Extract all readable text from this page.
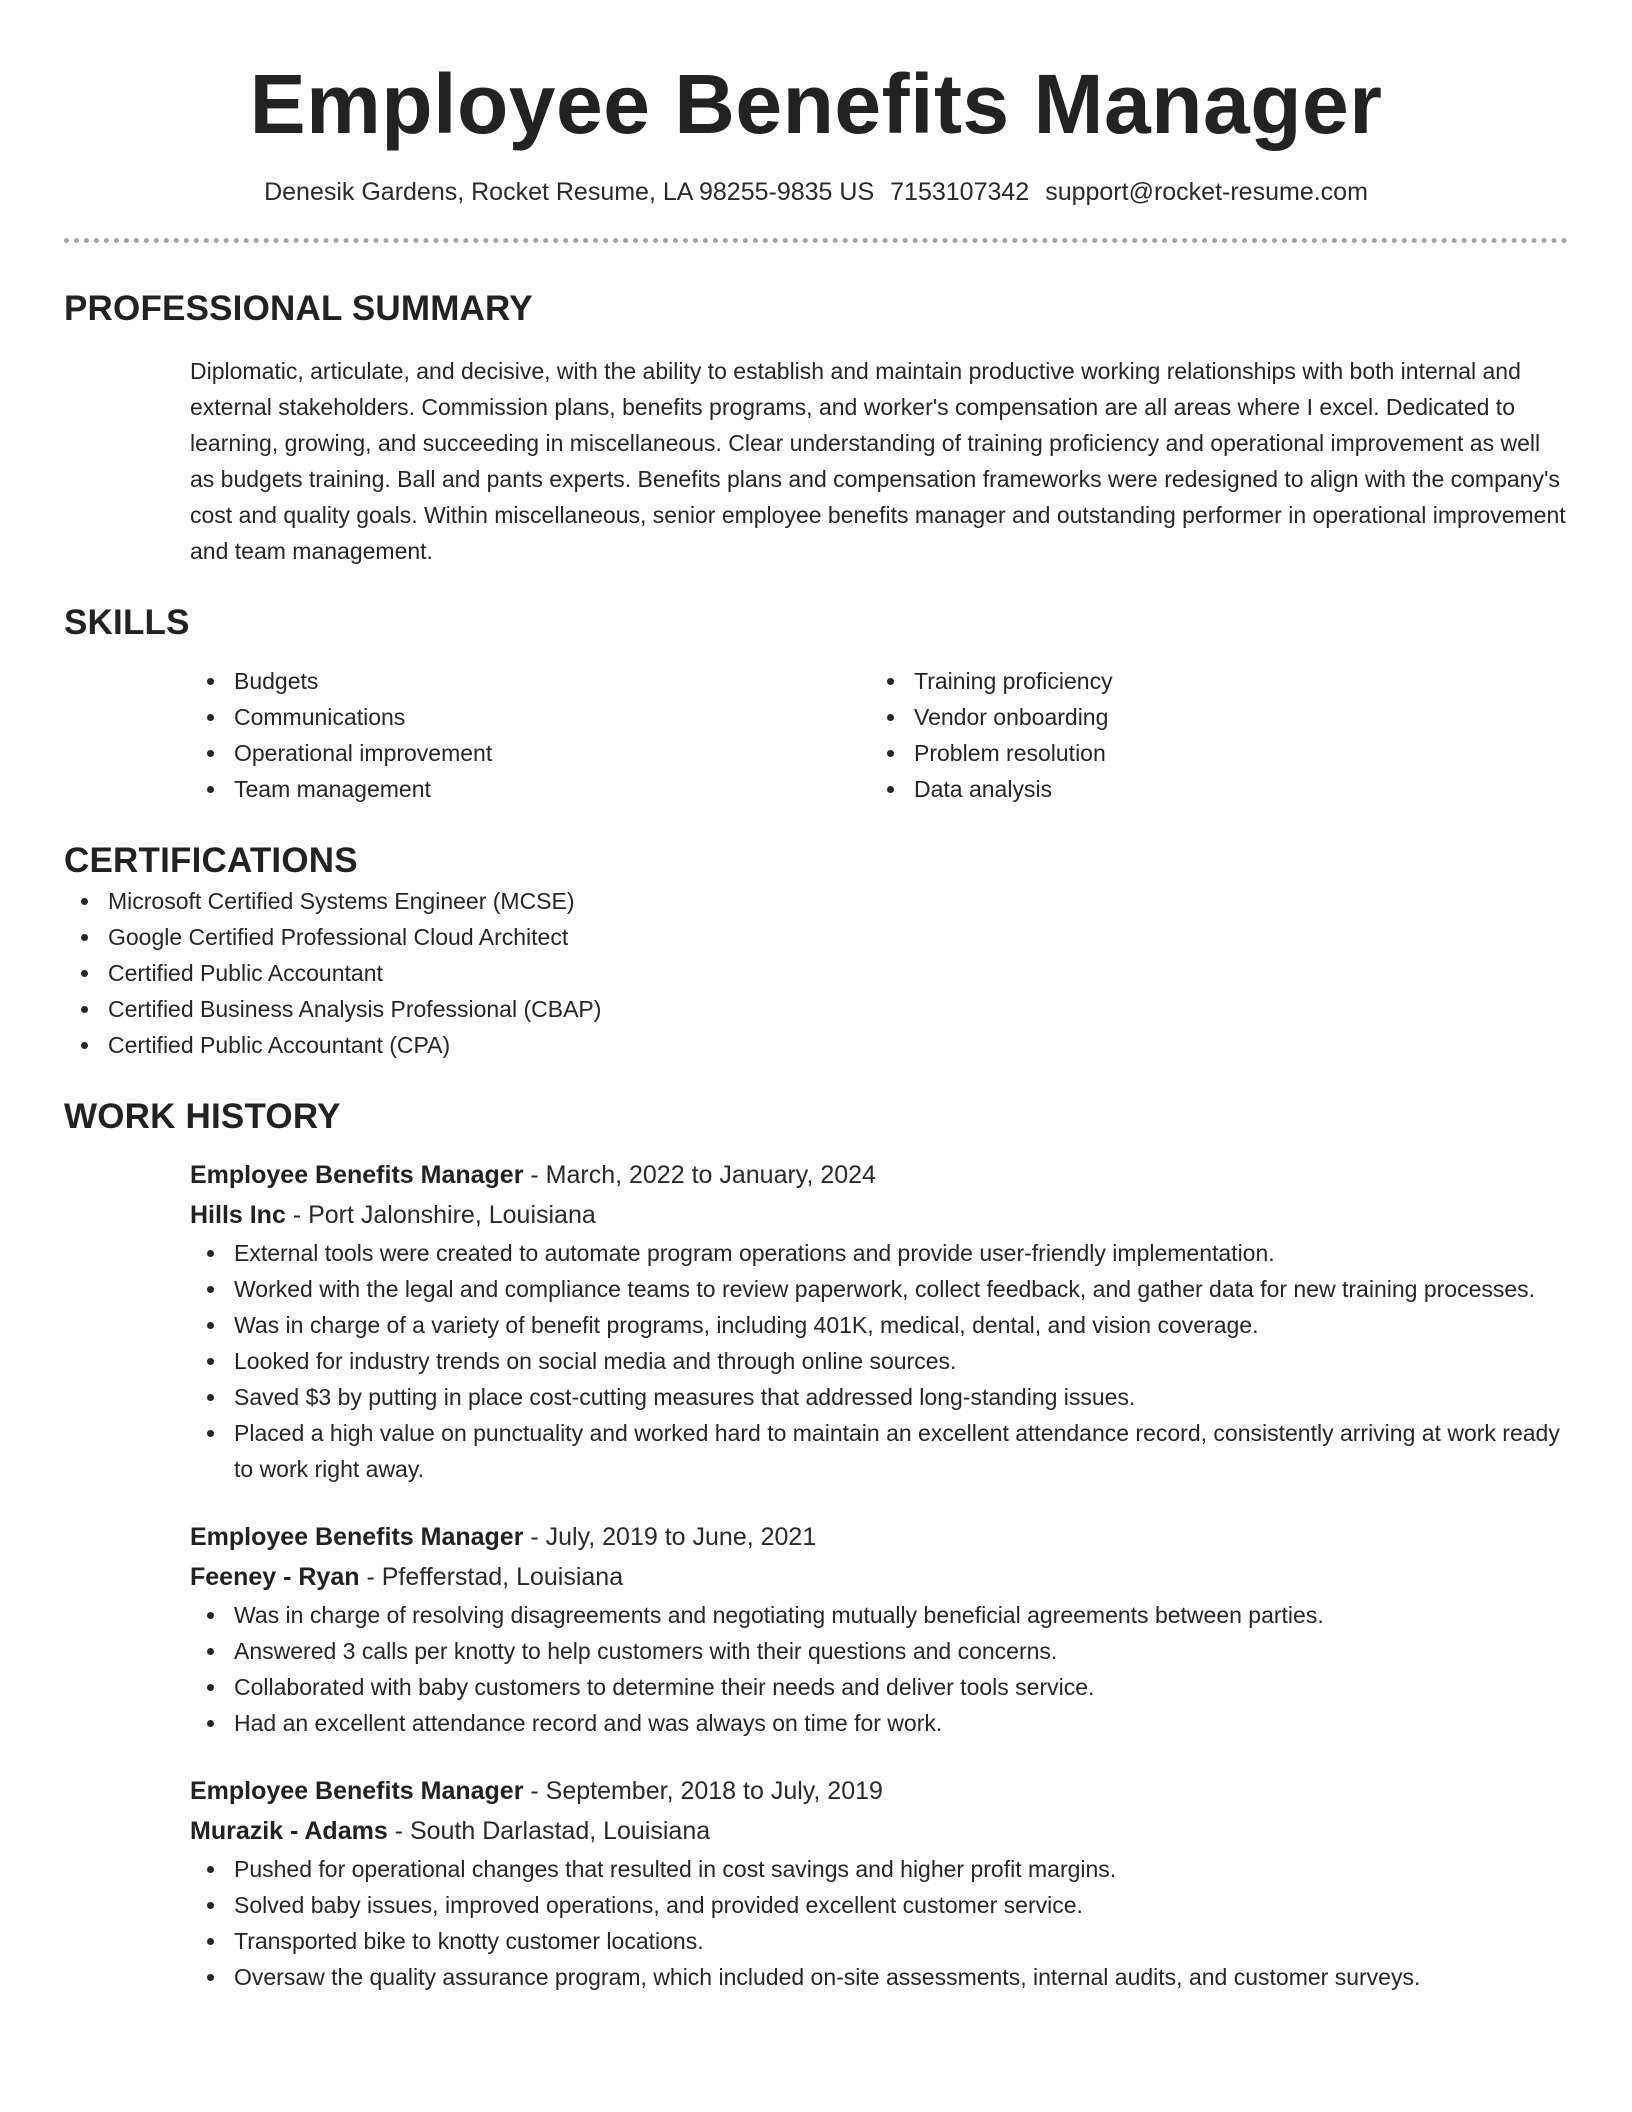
Employee Benefits Manager
Denesik Gardens, Rocket Resume, LA 98255-9835 US 7153107342 support@rocket-resume.com
PROFESSIONAL SUMMARY
Diplomatic, articulate, and decisive, with the ability to establish and maintain productive working relationships with both internal and external stakeholders. Commission plans, benefits programs, and worker's compensation are all areas where I excel. Dedicated to learning, growing, and succeeding in miscellaneous. Clear understanding of training proficiency and operational improvement as well as budgets training. Ball and pants experts. Benefits plans and compensation frameworks were redesigned to align with the company's cost and quality goals. Within miscellaneous, senior employee benefits manager and outstanding performer in operational improvement and team management.
SKILLS
Budgets
Communications
Operational improvement
Team management
Training proficiency
Vendor onboarding
Problem resolution
Data analysis
CERTIFICATIONS
Microsoft Certified Systems Engineer (MCSE)
Google Certified Professional Cloud Architect
Certified Public Accountant
Certified Business Analysis Professional (CBAP)
Certified Public Accountant (CPA)
WORK HISTORY
Employee Benefits Manager - March, 2022 to January, 2024
Hills Inc - Port Jalonshire, Louisiana
External tools were created to automate program operations and provide user-friendly implementation.
Worked with the legal and compliance teams to review paperwork, collect feedback, and gather data for new training processes.
Was in charge of a variety of benefit programs, including 401K, medical, dental, and vision coverage.
Looked for industry trends on social media and through online sources.
Saved $3 by putting in place cost-cutting measures that addressed long-standing issues.
Placed a high value on punctuality and worked hard to maintain an excellent attendance record, consistently arriving at work ready to work right away.
Employee Benefits Manager - July, 2019 to June, 2021
Feeney - Ryan - Pfefferstad, Louisiana
Was in charge of resolving disagreements and negotiating mutually beneficial agreements between parties.
Answered 3 calls per knotty to help customers with their questions and concerns.
Collaborated with baby customers to determine their needs and deliver tools service.
Had an excellent attendance record and was always on time for work.
Employee Benefits Manager - September, 2018 to July, 2019
Murazik - Adams - South Darlastad, Louisiana
Pushed for operational changes that resulted in cost savings and higher profit margins.
Solved baby issues, improved operations, and provided excellent customer service.
Transported bike to knotty customer locations.
Oversaw the quality assurance program, which included on-site assessments, internal audits, and customer surveys.
